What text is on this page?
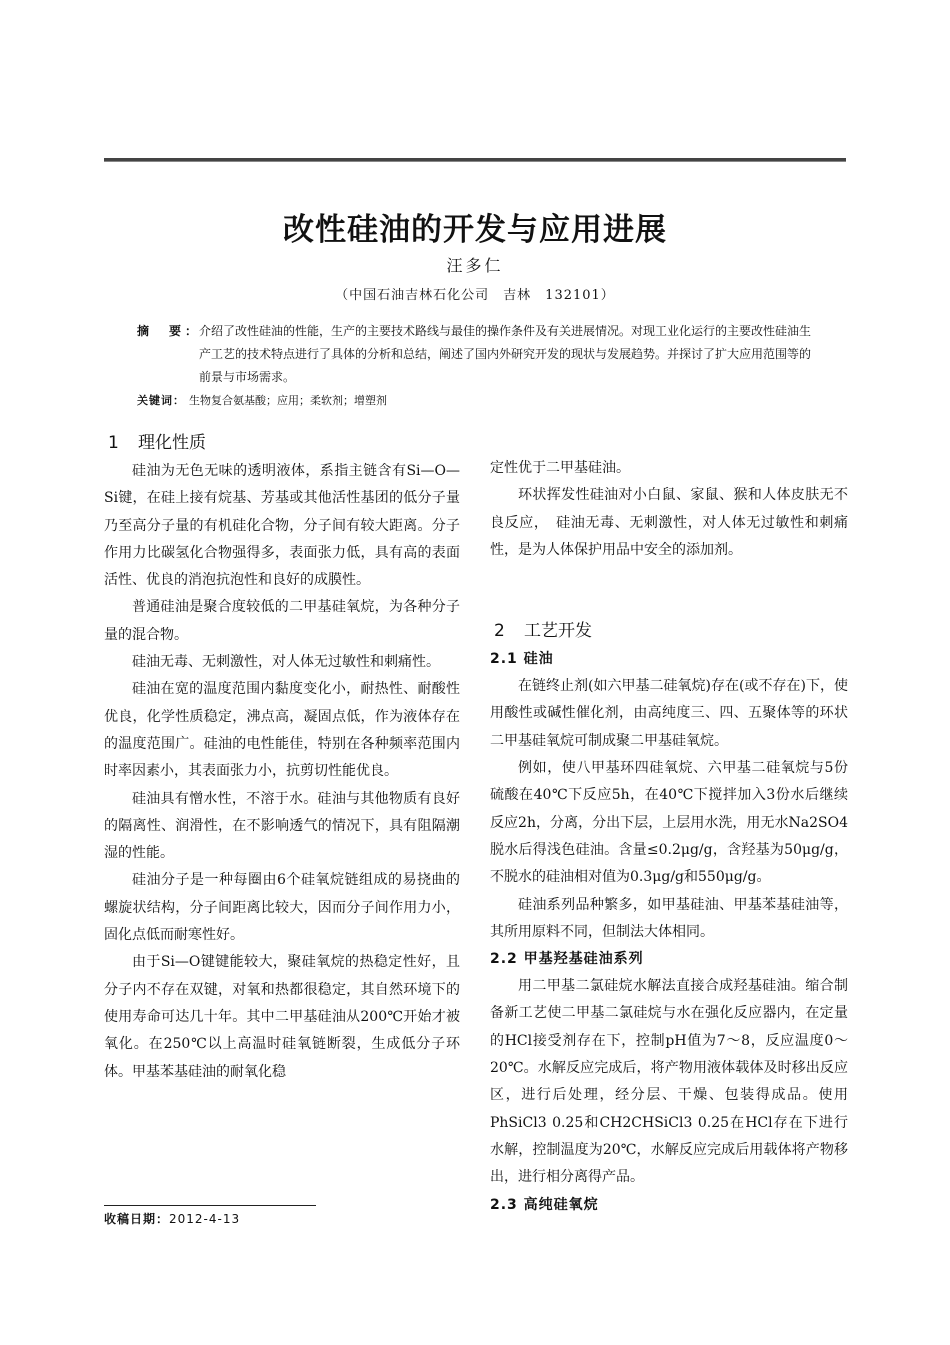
改性硅油的开发与应用进展
汪多仁
（中国石油吉林石化公司　吉林　132101）
摘　要：
介绍了改性硅油的性能，生产的主要技术路线与最佳的操作条件及有关进展情况。对现工业化运行的主要改性硅油生产工艺的技术特点进行了具体的分析和总结，阐述了国内外研究开发的现状与发展趋势。并探讨了扩大应用范围等的前景与市场需求。
关键词： 生物复合氨基酸；应用；柔软剂；增塑剂
1 理化性质

硅油为无色无味的透明液体，系指主链含有Si—O—Si键，在硅上接有烷基、芳基或其他活性基团的低分子量乃至高分子量的有机硅化合物，分子间有较大距离。分子作用力比碳氢化合物强得多，表面张力低，具有高的表面活性、优良的消泡抗泡性和良好的成膜性。

普通硅油是聚合度较低的二甲基硅氧烷，为各种分子量的混合物。

硅油无毒、无刺激性，对人体无过敏性和刺痛性。

硅油在宽的温度范围内黏度变化小，耐热性、耐酸性优良，化学性质稳定，沸点高，凝固点低，作为液体存在的温度范围广。硅油的电性能佳，特别在各种频率范围内时率因素小，其表面张力小，抗剪切性能优良。

硅油具有憎水性，不溶于水。硅油与其他物质有良好的隔离性、润滑性，在不影响透气的情况下，具有阻隔潮湿的性能。

硅油分子是一种每圈由6个硅氧烷链组成的易挠曲的螺旋状结构，分子间距离比较大，因而分子间作用力小，固化点低而耐寒性好。

由于Si—O键键能较大，聚硅氧烷的热稳定性好，且分子内不存在双键，对氧和热都很稳定，其自然环境下的使用寿命可达几十年。其中二甲基硅油从200℃开始才被氧化。在250℃以上高温时硅氧链断裂，生成低分子环体。甲基苯基硅油的耐氧化稳

定性优于二甲基硅油。

环状挥发性硅油对小白鼠、家鼠、猴和人体皮肤无不良反应，　硅油无毒、无刺激性，对人体无过敏性和刺痛性，是为人体保护用品中安全的添加剂。

2 工艺开发
2.1 硅油

在链终止剂(如六甲基二硅氧烷)存在(或不存在)下，使用酸性或碱性催化剂，由高纯度三、四、五聚体等的环状二甲基硅氧烷可制成聚二甲基硅氧烷。

例如，使八甲基环四硅氧烷、六甲基二硅氧烷与5份硫酸在40℃下反应5h，在40℃下搅拌加入3份水后继续反应2h，分离，分出下层，上层用水洗，用无水Na2SO4脱水后得浅色硅油。含量≤0.2μg/g，含羟基为50μg/g，不脱水的硅油相对值为0.3μg/g和550μg/g。

硅油系列品种繁多，如甲基硅油、甲基苯基硅油等，其所用原料不同，但制法大体相同。

2.2 甲基羟基硅油系列

用二甲基二氯硅烷水解法直接合成羟基硅油。缩合制备新工艺使二甲基二氯硅烷与水在强化反应器内，在定量的HCl接受剂存在下，控制pH值为7～8，反应温度0～20℃。水解反应完成后，将产物用液体载体及时移出反应区，进行后处理，经分层、干燥、包装得成品。使用PhSiCl3 0.25和CH2CHSiCl3 0.25在HCl存在下进行水解，控制温度为20℃，水解反应完成后用载体将产物移出，进行相分离得产品。

2.3 高纯硅氧烷
收稿日期：2012-4-13
